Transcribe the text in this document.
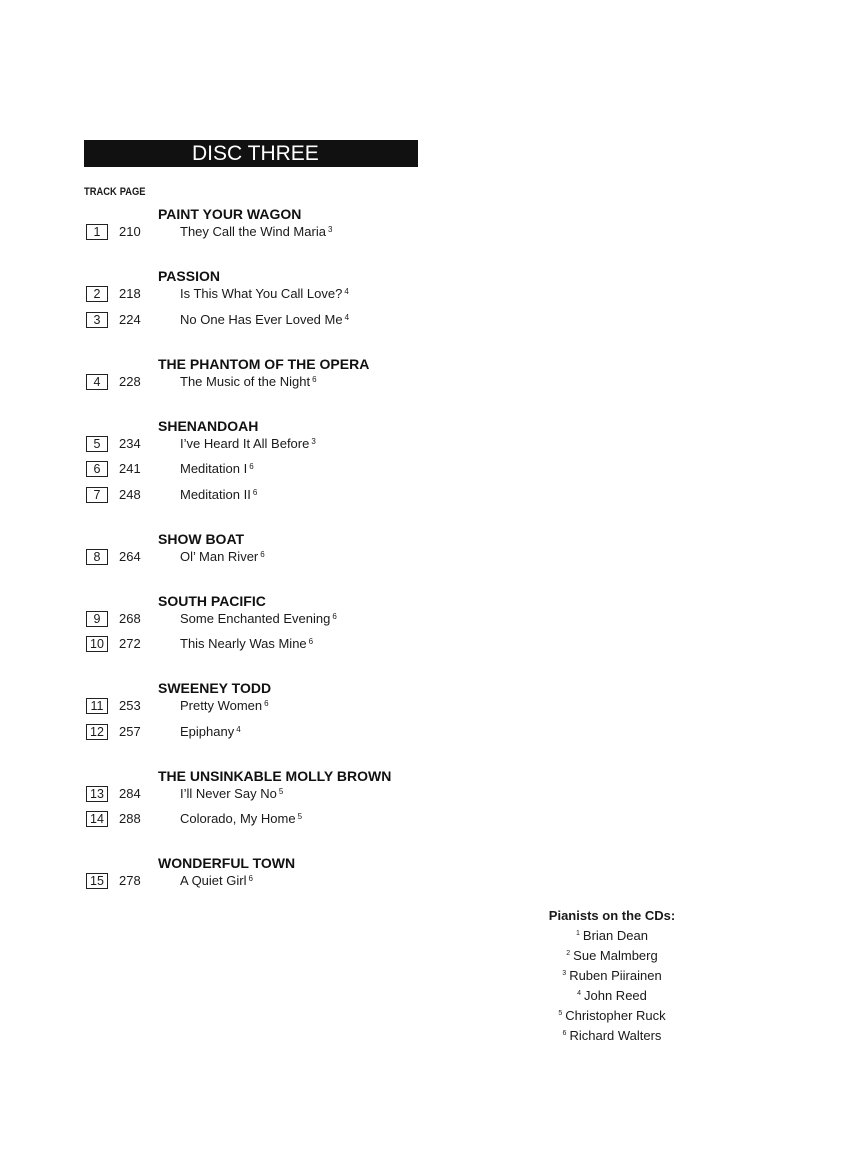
DISC THREE
TRACK PAGE
PAINT YOUR WAGON
1	210	They Call the Wind Maria $^3$
PASSION
2	218	Is This What You Call Love? $^4$
3	224	No One Has Ever Loved Me $^4$
THE PHANTOM OF THE OPERA
4	228	The Music of the Night $^6$
SHENANDOAH
5	234	I’ve Heard It All Before $^3$
6	241	Meditation I $^6$
7	248	Meditation II $^6$
SHOW BOAT
8	264	Ol’ Man River $^6$
SOUTH PACIFIC
9	268	Some Enchanted Evening $^6$
10	272	This Nearly Was Mine $^6$
SWEENEY TODD
11	253	Pretty Women $^6$
12	257	Epiphany $^4$
THE UNSINKABLE MOLLY BROWN
13	284	I’ll Never Say No $^5$
14	288	Colorado, My Home $^5$
WONDERFUL TOWN
15	278	A Quiet Girl $^6$
Pianists on the CDs:
$^1$ Brian Dean
$^2$ Sue Malmberg
$^3$ Ruben Piirainen
$^4$ John Reed
$^5$ Christopher Ruck
$^6$ Richard Walters
